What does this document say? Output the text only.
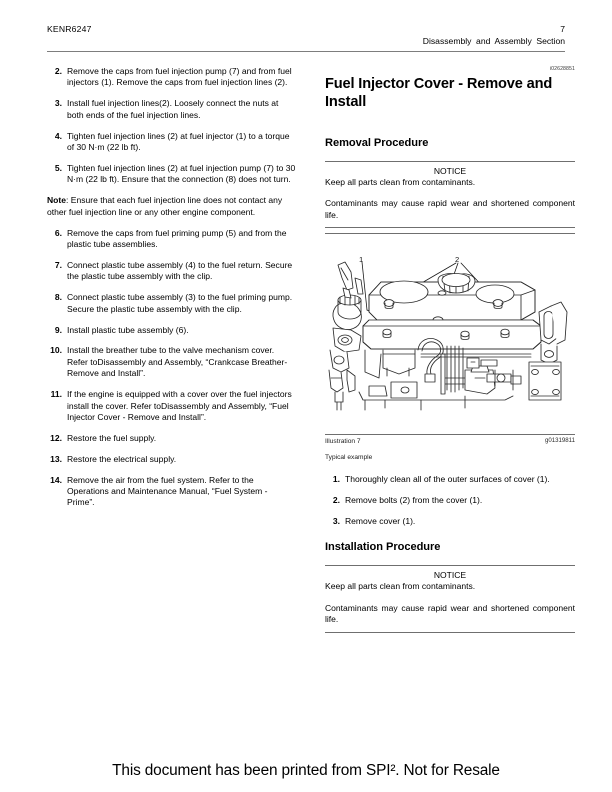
KENR6247	7
Disassembly and Assembly Section
2 . Remove the caps from fuel injection pump (7) and from fuel injectors (1). Remove the caps from fuel injection lines (2).
3 . Install fuel injection lines(2). Loosely connect the nuts at both ends of the fuel injection lines.
4 . Tighten fuel injection lines (2) at fuel injector (1) to a torque of 30 N·m (22 lb ft).
5 . Tighten fuel injection lines (2) at fuel injection pump (7) to 30 N·m (22 lb ft). Ensure that the connection (8) does not turn.

Note: Ensure that each fuel injection line does not contact any other fuel injection line or any other engine component.

6 . Remove the caps from fuel priming pump (5) and from the plastic tube assemblies.
7 . Connect plastic tube assembly (4) to the fuel return. Secure the plastic tube assembly with the clip.
8 . Connect plastic tube assembly (3) to the fuel priming pump. Secure the plastic tube assembly with the clip.
9 . Install plastic tube assembly (6).
10 . Install the breather tube to the valve mechanism cover. Refer toDisassembly and Assembly, “Crankcase Breather- Remove and Install”.
11 . If the engine is equipped with a cover over the fuel injectors install the cover. Refer toDisassembly and Assembly, “Fuel Injector Cover - Remove and Install”.
12 . Restore the fuel supply.
13 . Restore the electrical supply.
14 . Remove the air from the fuel system. Refer to the Operations and Maintenance Manual, “Fuel System - Prime”.
i02628851
Fuel Injector Cover - Remove and Install
Removal Procedure
NOTICE
Keep all parts clean from contaminants.
Contaminants may cause rapid wear and shortened component life.
1	2
Illustration 7	g01319811
Typical example
1 . Thoroughly clean all of the outer surfaces of cover (1).
2 . Remove bolts (2) from the cover (1).
3 . Remove cover (1).
Installation Procedure
NOTICE
Keep all parts clean from contaminants.
Contaminants may cause rapid wear and shortened component life.
This document has been printed from SPI². Not for Resale
